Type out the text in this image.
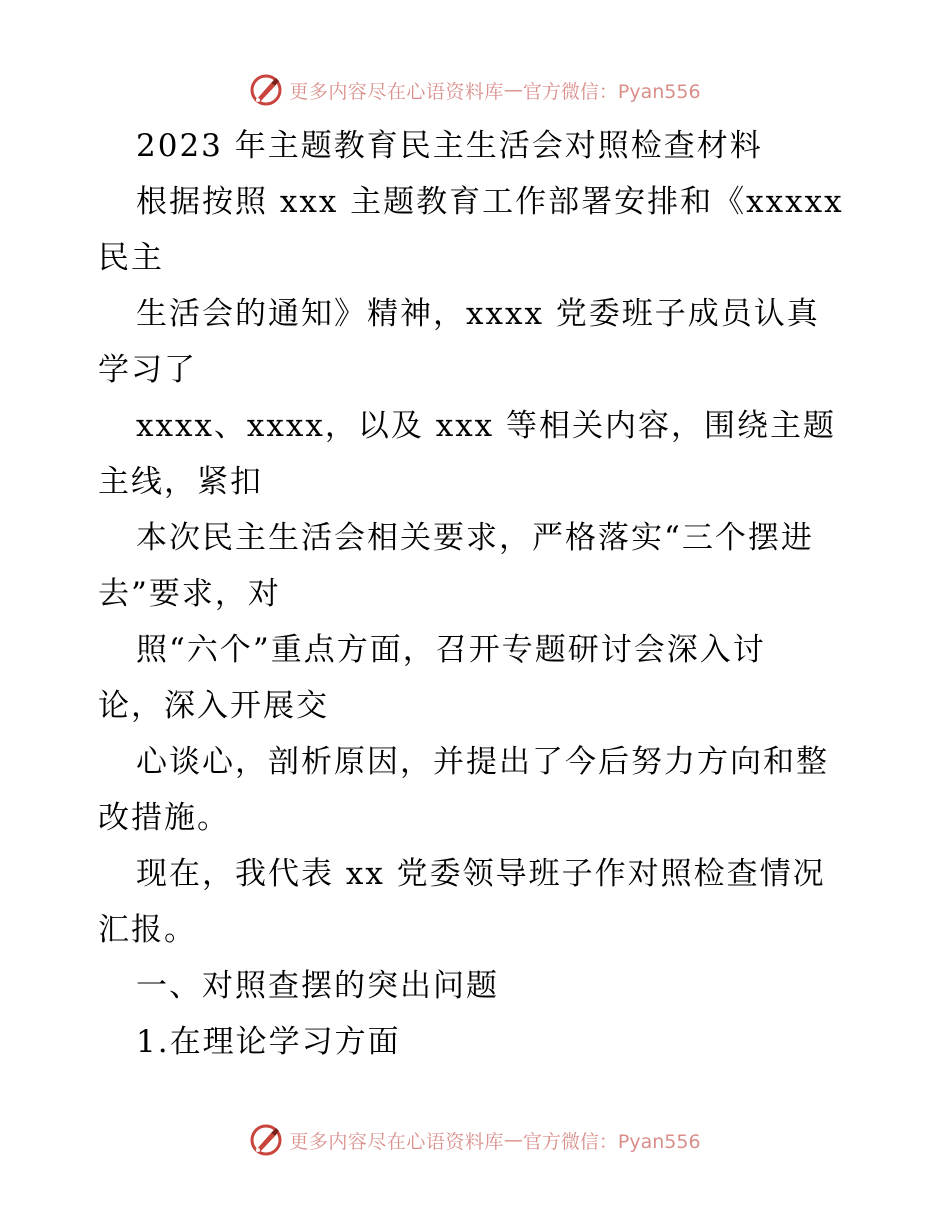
更多内容尽在心语资料库 — 官方微信：Pyan556
2023 年主题教育民主生活会对照检查材料
根据按照 xxx 主题教育工作部署安排和《xxxxx
民主
生活会的通知》精神，xxxx 党委班子成员认真
学习了
xxxx、xxxx，以及 xxx 等相关内容，围绕主题
主线，紧扣
本次民主生活会相关要求，严格落实“三个摆进
去”要求，对
照“六个”重点方面，召开专题研讨会深入讨
论，深入开展交
心谈心，剖析原因，并提出了今后努力方向和整
改措施。
现在，我代表 xx 党委领导班子作对照检查情况
汇报。
一、对照查摆的突出问题
1.在理论学习方面
更多内容尽在心语资料库 — 官方微信：Pyan556
